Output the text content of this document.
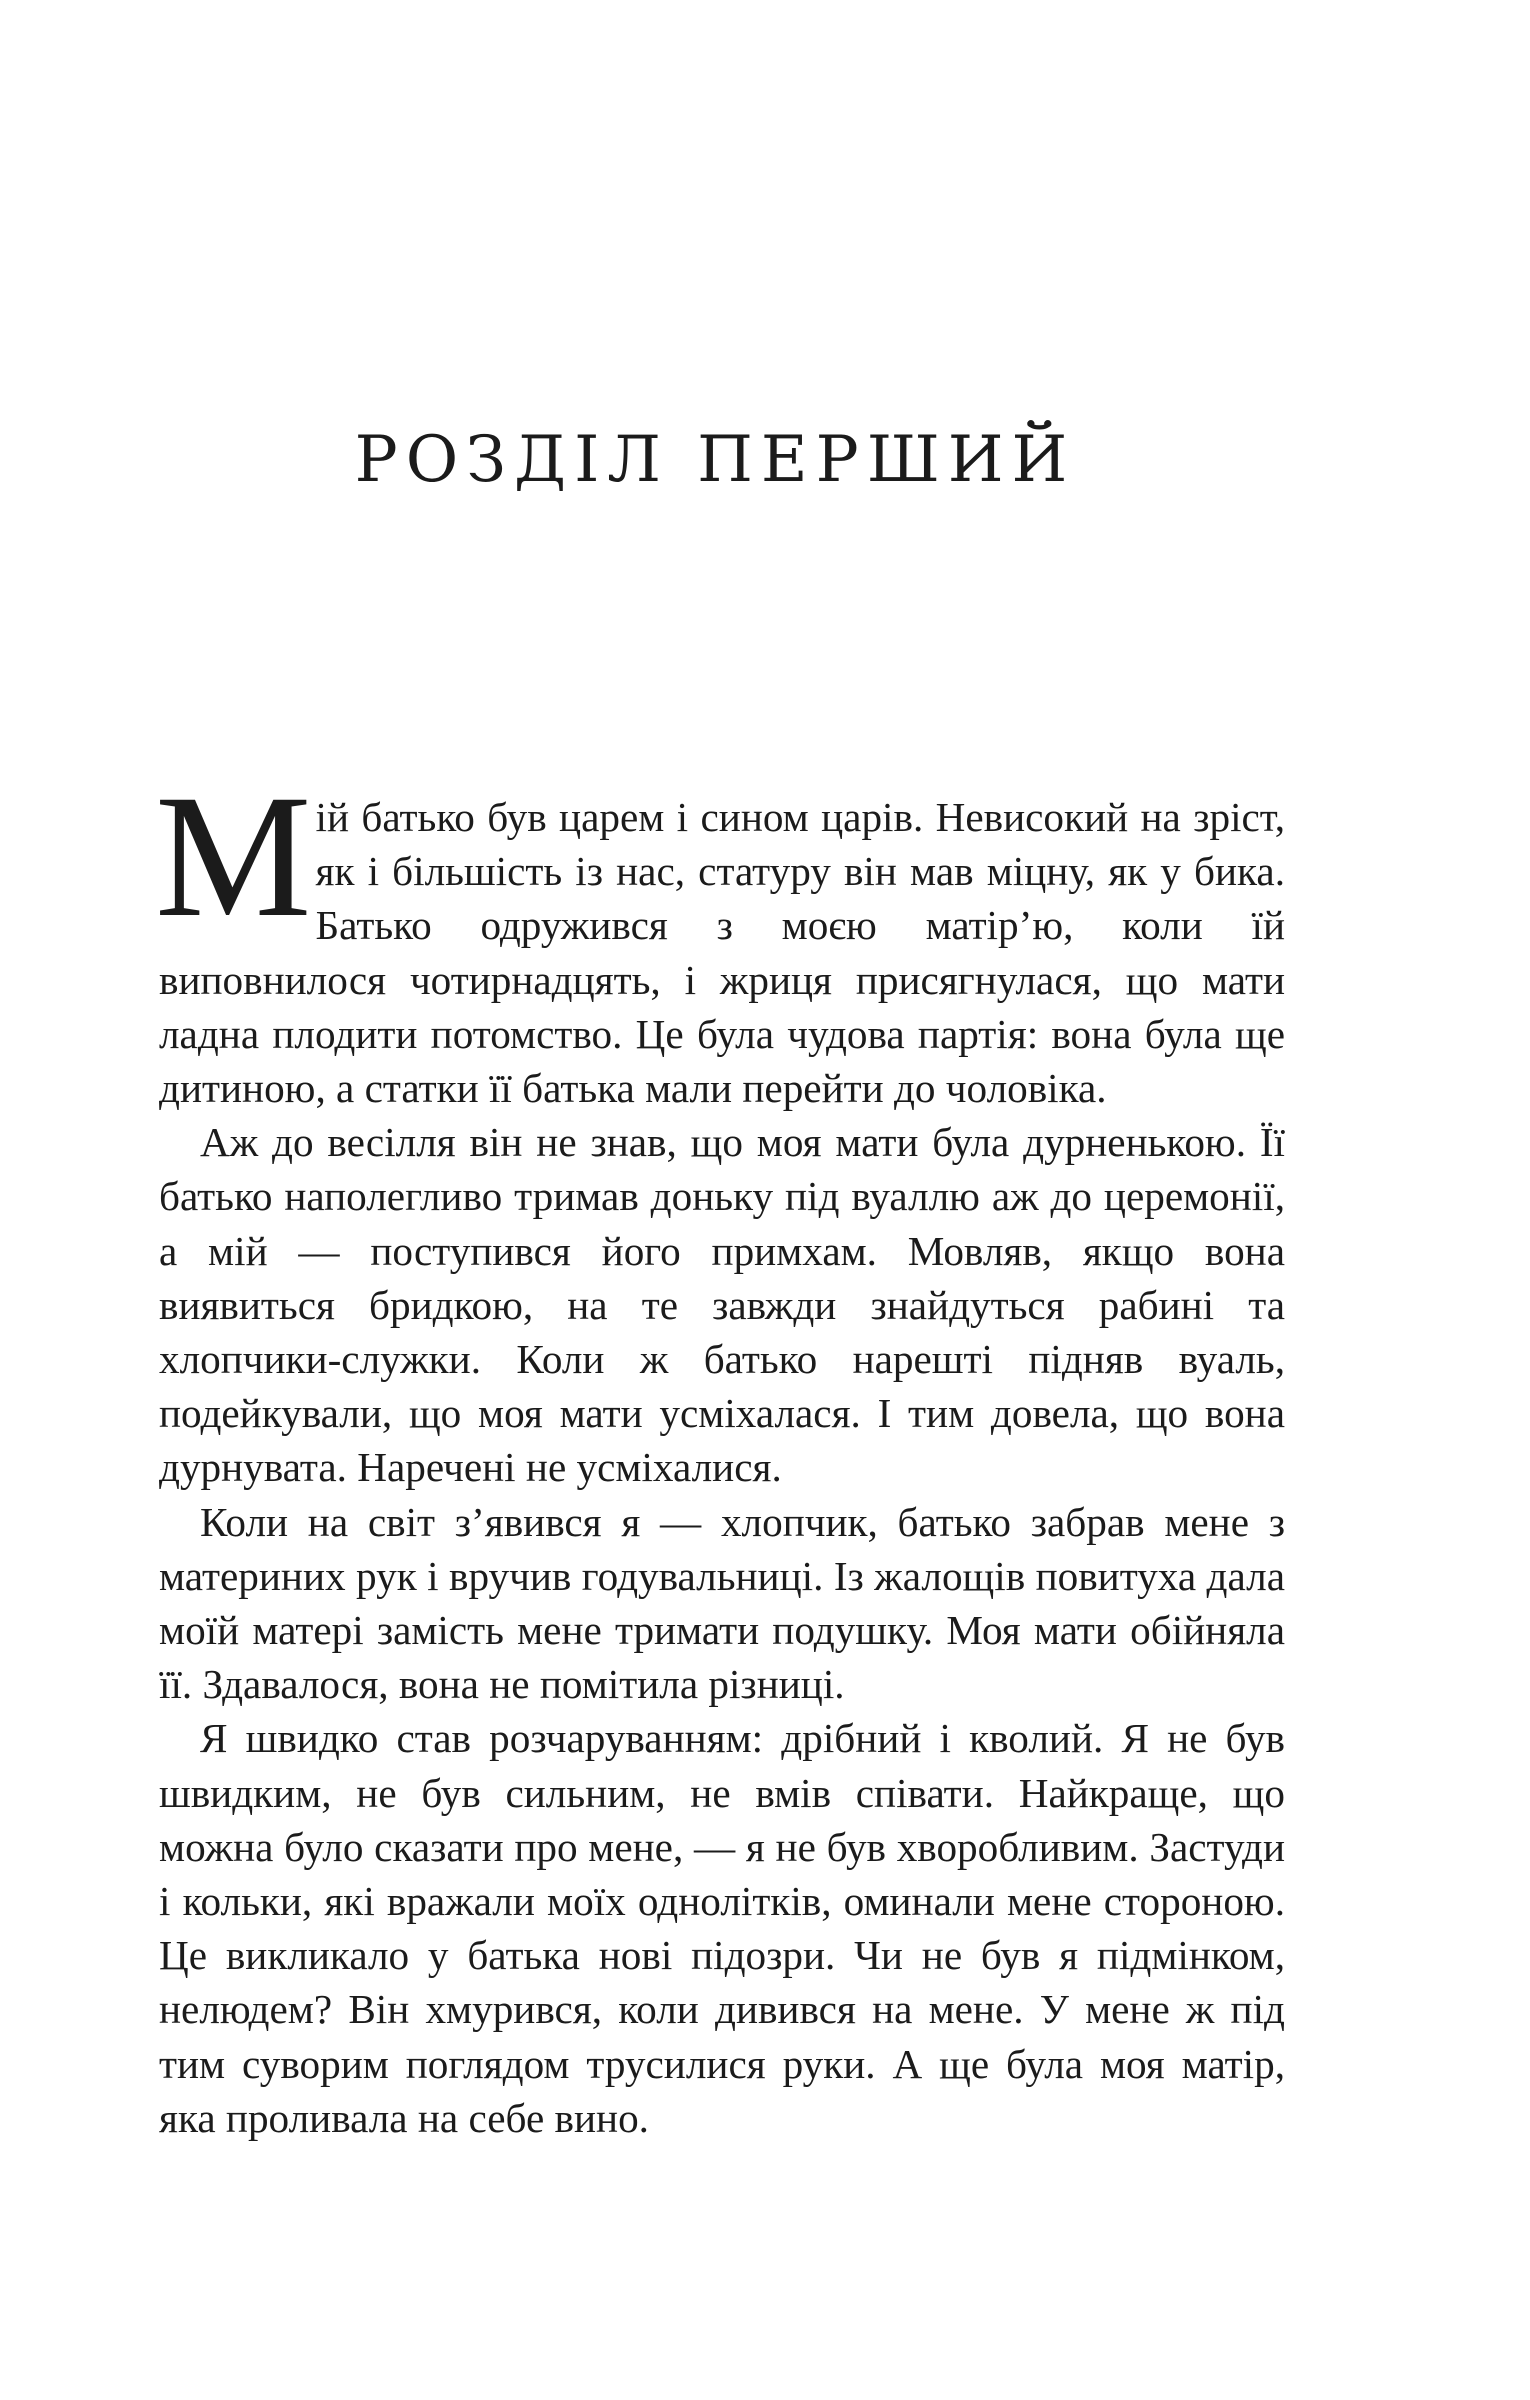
РОЗДІЛ ПЕРШИЙ

Мій батько був царем і сином царів. Невисокий на зріст, як і більшість із нас, статуру він мав міцну, як у бика. Батько одружився з моєю матір’ю, коли їй виповнилося чотирнадцять, і жриця присягнулася, що мати ладна плодити потомство. Це була чудова партія: вона була ще дитиною, а статки її батька мали перейти до чоловіка.

Аж до весілля він не знав, що моя мати була дурненькою. Її батько наполегливо тримав доньку під вуаллю аж до церемонії, а мій — поступився його примхам. Мовляв, якщо вона виявиться бридкою, на те завжди знайдуться рабині та хлопчики-служки. Коли ж батько нарешті підняв вуаль, подейкували, що моя мати усміхалася. І тим довела, що вона дурнувата. Наречені не усміхалися.

Коли на світ з’явився я — хлопчик, батько забрав мене з материних рук і вручив годувальниці. Із жалощів повитуха дала моїй матері замість мене тримати подушку. Моя мати обійняла її. Здавалося, вона не помітила різниці.

Я швидко став розчаруванням: дрібний і кволий. Я не був швидким, не був сильним, не вмів співати. Найкраще, що можна було сказати про мене, — я не був хворобливим. Застуди і кольки, які вражали моїх однолітків, оминали мене стороною. Це викликало у батька нові підозри. Чи не був я підмінком, нелюдем? Він хмурився, коли дивився на мене. У мене ж під тим суворим поглядом трусилися руки. А ще була моя матір, яка проливала на себе вино.
